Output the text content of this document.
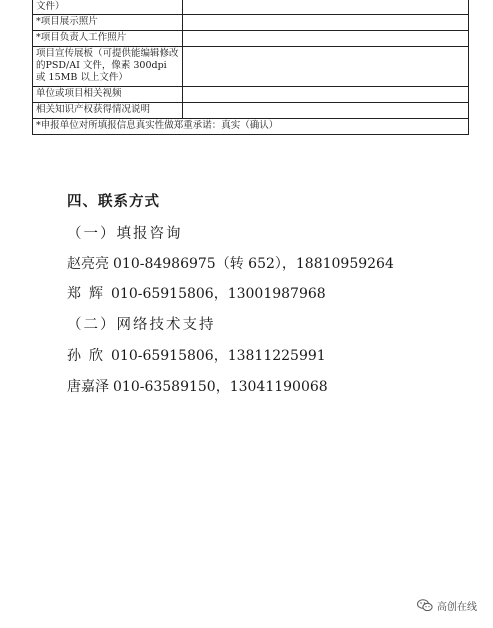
文件）	
*项目展示照片	
*项目负责人工作照片	
项目宣传展板（可提供能编辑修改的PSD/AI 文件，像素 300dpi 或 15MB 以上文件）	
单位或项目相关视频	
相关知识产权获得情况说明	
*申报单位对所填报信息真实性做郑重承诺：真实（确认）	
四、联系方式
（一）填报咨询
赵亮亮 010-84986975（转 652），18810959264
郑辉010-65915806，13001987968
（二）网络技术支持
孙欣010-65915806，13811225991
唐嘉泽 010-63589150，13041190068
高创在线
